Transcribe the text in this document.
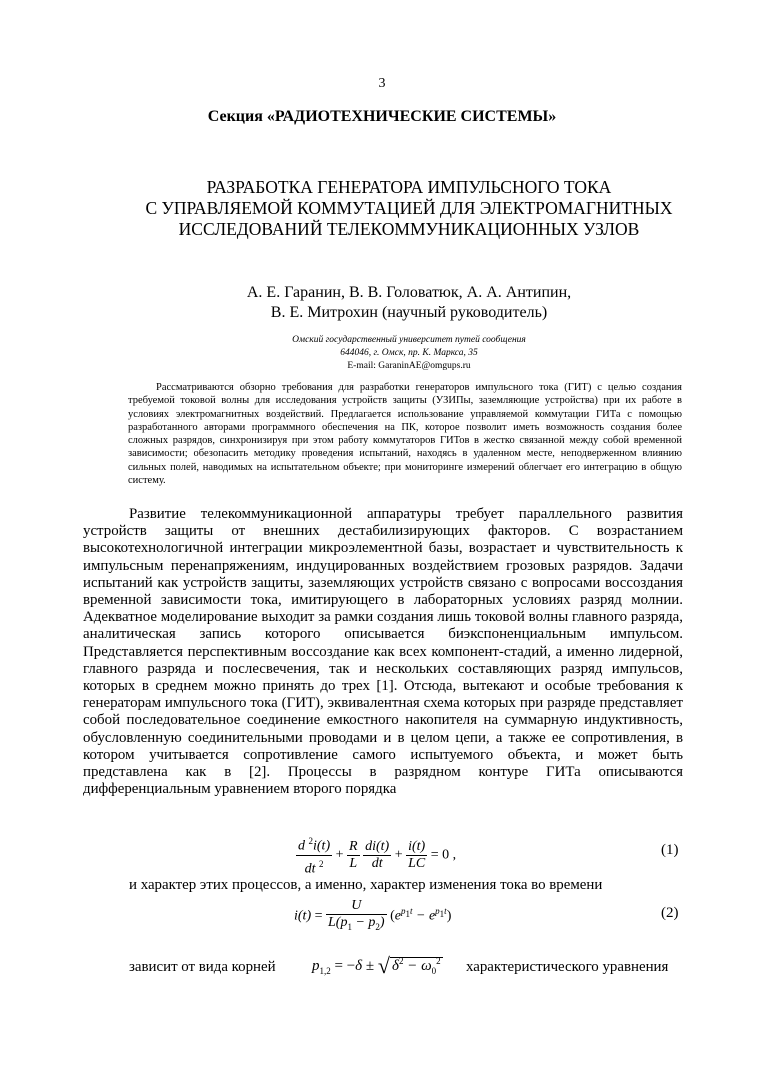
3
Секция «РАДИОТЕХНИЧЕСКИЕ СИСТЕМЫ»
РАЗРАБОТКА ГЕНЕРАТОРА ИМПУЛЬСНОГО ТОКА
С УПРАВЛЯЕМОЙ КОММУТАЦИЕЙ ДЛЯ ЭЛЕКТРОМАГНИТНЫХ
ИССЛЕДОВАНИЙ ТЕЛЕКОММУНИКАЦИОННЫХ УЗЛОВ
А. Е. Гаранин, В. В. Головатюк, А. А. Антипин,
В. Е. Митрохин (научный руководитель)
Омский государственный университет путей сообщения
644046, г. Омск, пр. К. Маркса, 35
E-mail: GaraninAE@omgups.ru

Рассматриваются обзорно требования для разработки генераторов импульсного тока (ГИТ) с целью создания требуемой токовой волны для исследования устройств защиты (УЗИПы, заземляющие устройства) при их работе в условиях электромагнитных воздействий. Предлагается использование управляемой коммутации ГИТа с помощью разработанного авторами программного обеспечения на ПК, которое позволит иметь возможность создания более сложных разрядов, синхронизируя при этом работу коммутаторов ГИТов в жестко связанной между собой временной зависимости; обезопасить методику проведения испытаний, находясь в удаленном месте, неподверженном влиянию сильных полей, наводимых на испытательном объекте; при мониторинге измерений облегчает его интеграцию в общую систему.

Развитие телекоммуникационной аппаратуры требует параллельного развития устройств защиты от внешних дестабилизирующих факторов. С возрастанием высокотехнологичной интеграции микроэлементной базы, возрастает и чувствительность к импульсным перенапряжениям, индуцированных воздействием грозовых разрядов. Задачи испытаний как устройств защиты, заземляющих устройств связано с вопросами воссоздания временной зависимости тока, имитирующего в лабораторных условиях разряд молнии. Адекватное моделирование выходит за рамки создания лишь токовой волны главного разряда, аналитическая запись которого описывается биэкспоненциальным импульсом. Представляется перспективным воссоздание как всех компонент-стадий, а именно лидерной, главного разряда и послесвечения, так и нескольких составляющих разряд импульсов, которых в среднем можно принять до трех [1]. Отсюда, вытекают и особые требования к генераторам импульсного тока (ГИТ), эквивалентная схема которых при разряде представляет собой последовательное соединение емкостного накопителя на суммарную индуктивность, обусловленную соединительными проводами и в целом цепи, а также ее сопротивления, в котором учитывается сопротивление самого испытуемого объекта, и может быть представлена как в [2]. Процессы в разрядном контуре ГИТа описываются дифференциальным уравнением второго порядка

$\frac{d ^2i(t)}{dt ^2} + \frac{R}{L}$
$\frac{di(t)}{dt} + \frac{i(t)}{LC} = 0$ ,	(1)
и характер этих процессов, а именно, характер изменения тока во времени
$i(t) = \frac{U}{L(p_1 - p_2)} (e^{p_1t} - e^{p_1t})$	(2)
зависит от вида корней $p_{1,2} = -\delta$ ± √ $\delta^2 - \omega_0^2$ характеристического уравнения
